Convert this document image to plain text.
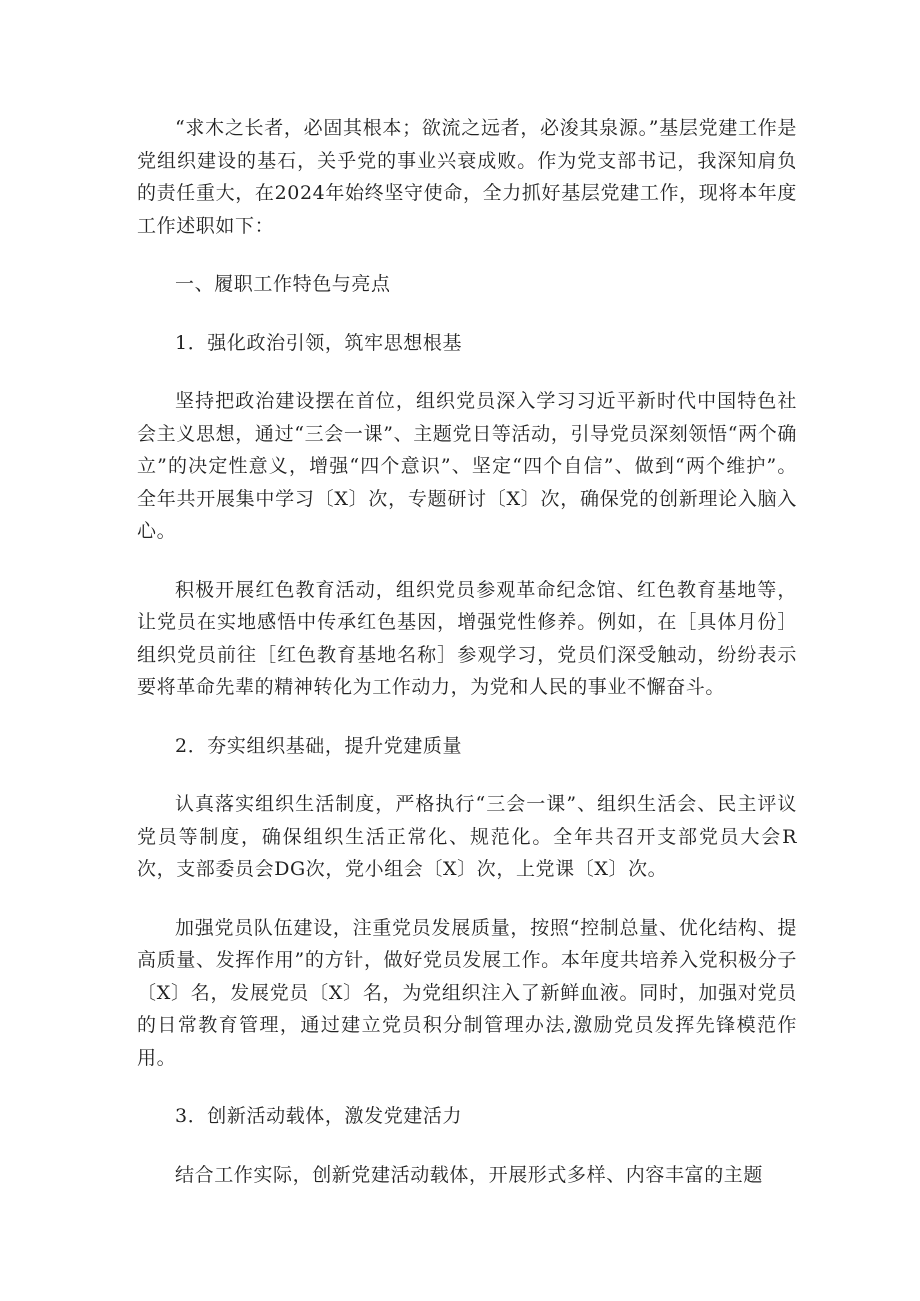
“求木之长者，必固其根本；欲流之远者，必浚其泉源。”基层党建工作是党组织建设的基石，关乎党的事业兴衰成败。作为党支部书记，我深知肩负的责任重大，在2024年始终坚守使命，全力抓好基层党建工作，现将本年度工作述职如下：

一、履职工作特色与亮点

1．强化政治引领，筑牢思想根基

坚持把政治建设摆在首位，组织党员深入学习习近平新时代中国特色社会主义思想，通过“三会一课”、主题党日等活动，引导党员深刻领悟“两个确立”的决定性意义，增强“四个意识”、坚定“四个自信”、做到“两个维护”。全年共开展集中学习〔X〕次，专题研讨〔X〕次，确保党的创新理论入脑入心。

积极开展红色教育活动，组织党员参观革命纪念馆、红色教育基地等，让党员在实地感悟中传承红色基因，增强党性修养。例如，在［具体月份］组织党员前往［红色教育基地名称］参观学习，党员们深受触动，纷纷表示要将革命先辈的精神转化为工作动力，为党和人民的事业不懈奋斗。

2．夯实组织基础，提升党建质量

认真落实组织生活制度，严格执行“三会一课”、组织生活会、民主评议党员等制度，确保组织生活正常化、规范化。全年共召开支部党员大会R次，支部委员会DG次，党小组会〔X〕次，上党课〔X〕次。

加强党员队伍建设，注重党员发展质量，按照“控制总量、优化结构、提高质量、发挥作用”的方针，做好党员发展工作。本年度共培养入党积极分子〔X〕名，发展党员〔X〕名，为党组织注入了新鲜血液。同时，加强对党员的日常教育管理，通过建立党员积分制管理办法,激励党员发挥先锋模范作用。

3．创新活动载体，激发党建活力

结合工作实际，创新党建活动载体，开展形式多样、内容丰富的主题
